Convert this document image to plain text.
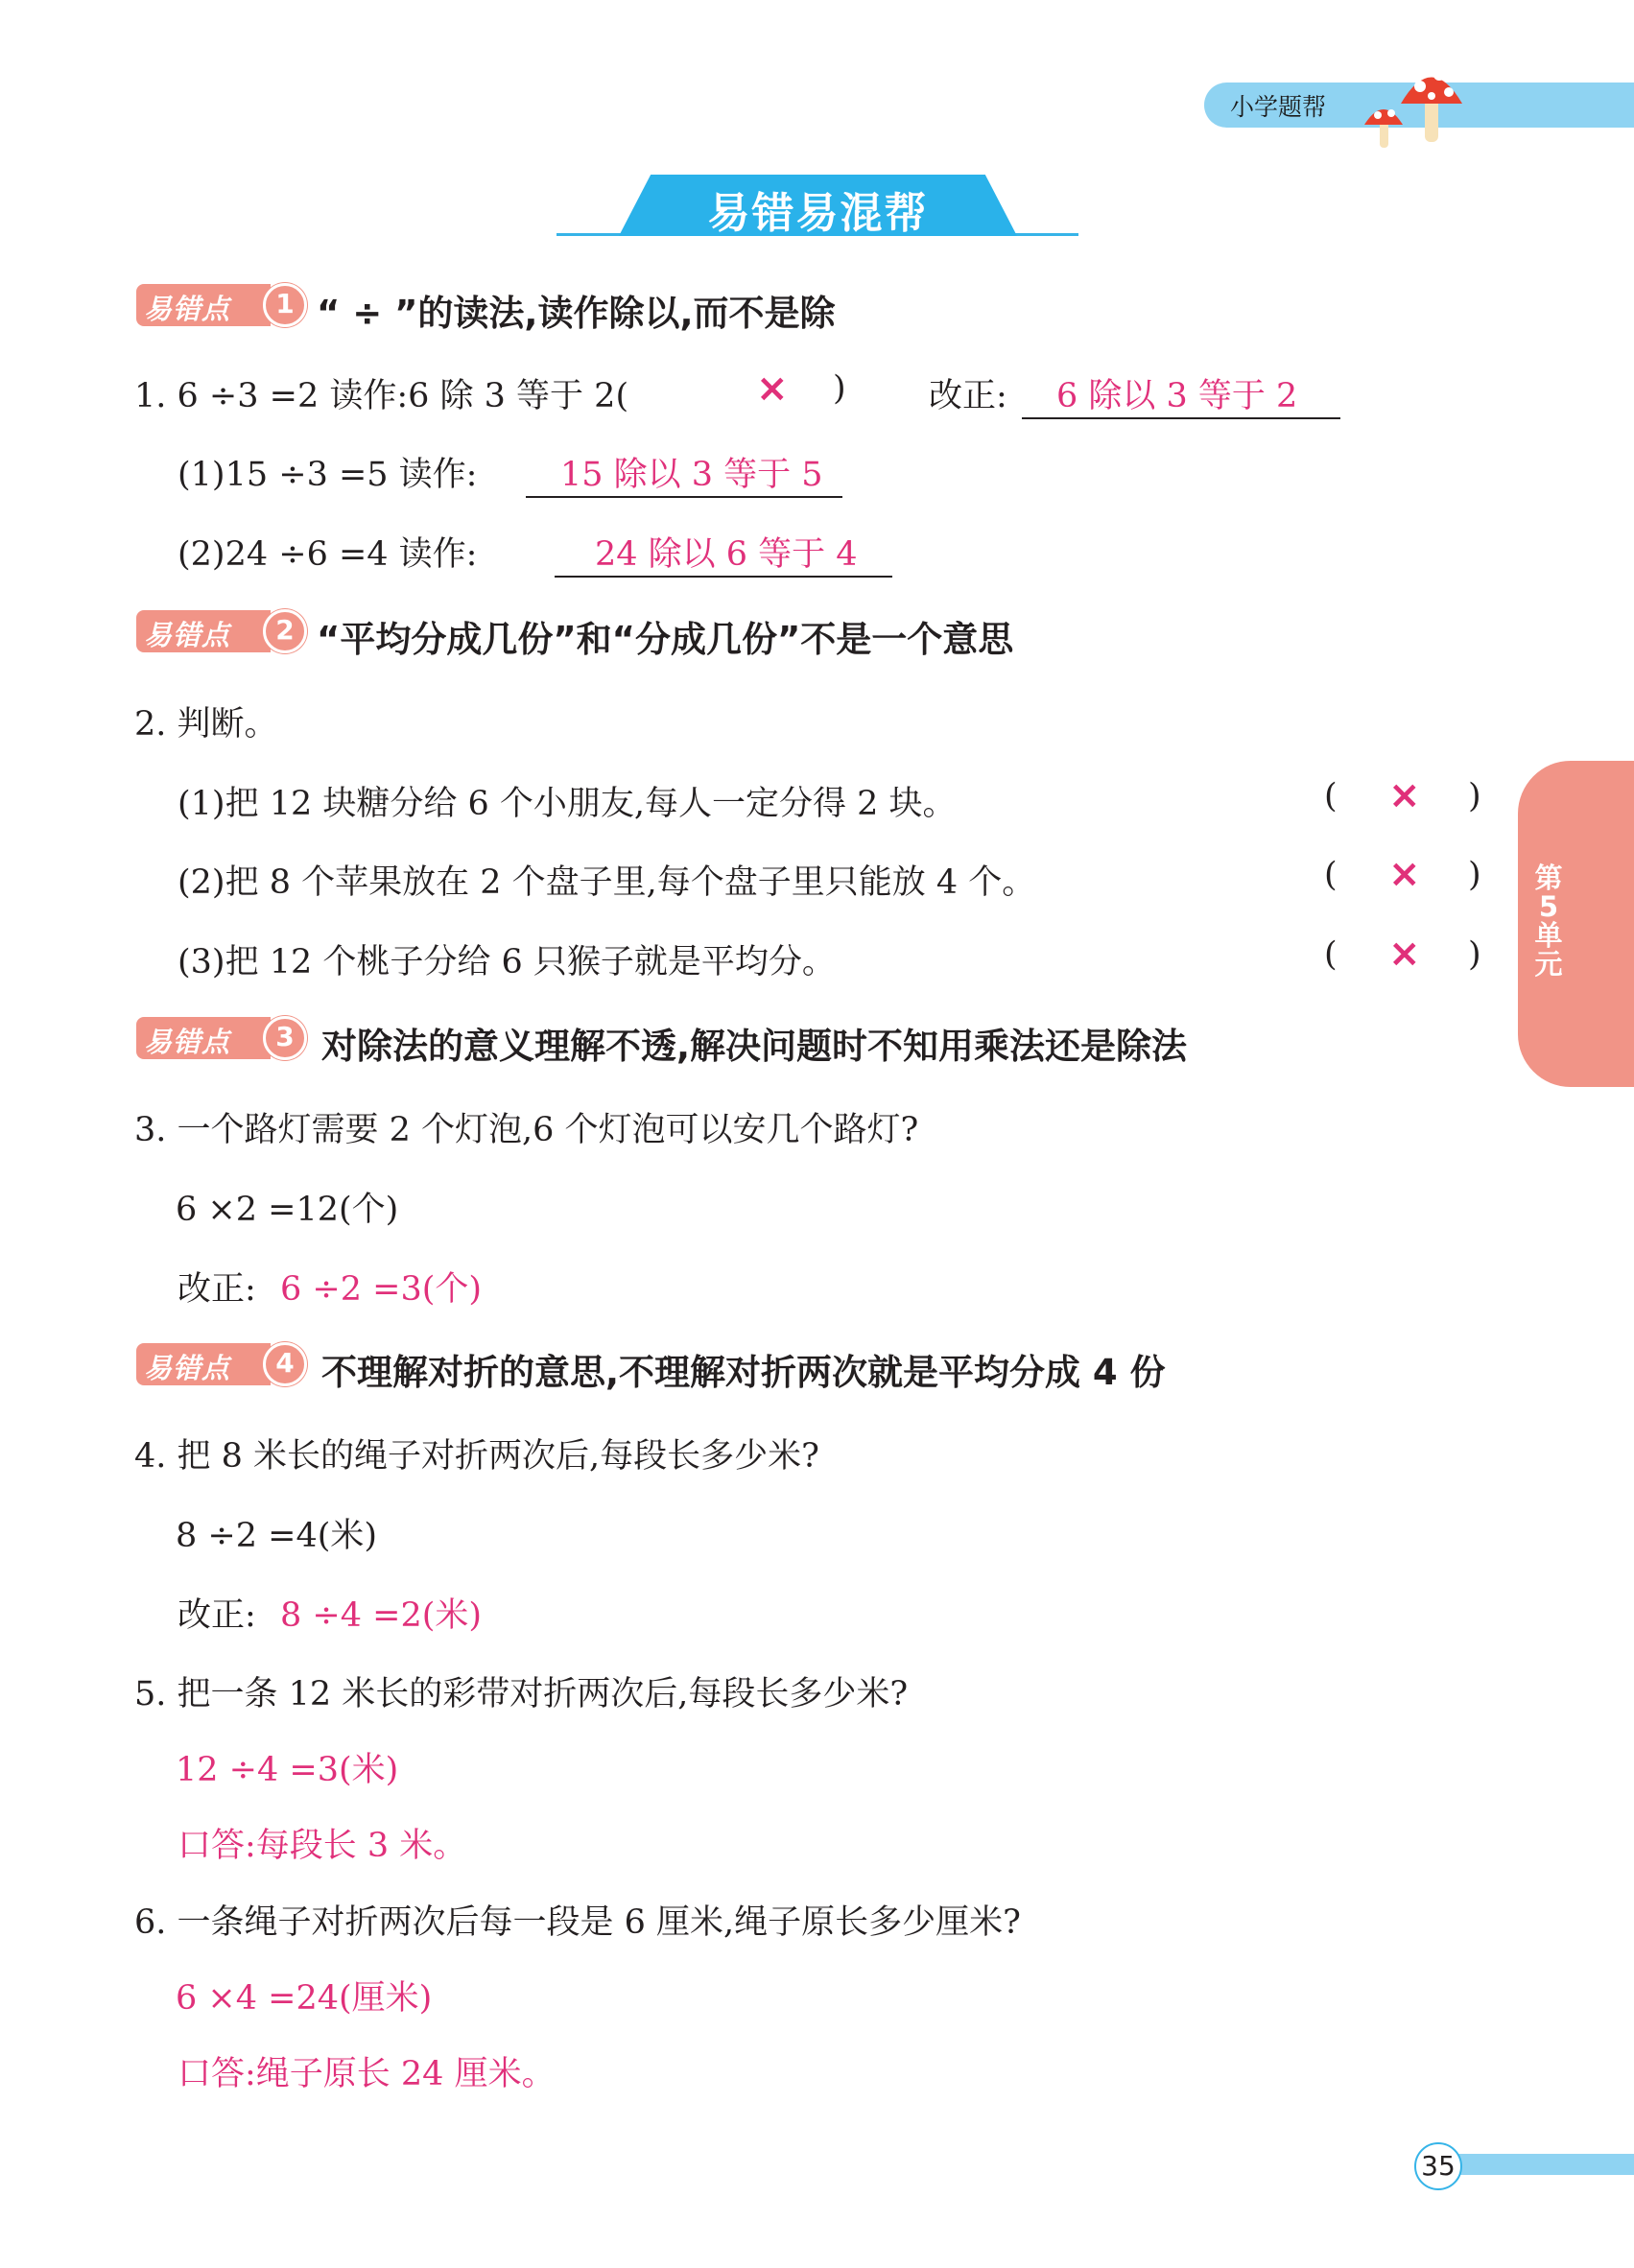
小学题帮
易错易混帮
易错点	1 “ ÷ ”的读法,读作除以,而不是除
1. 6 ÷3 =2 读作:6 除 3 等于 2(	× ) 改正:	6 除以 3 等于 2
(1)15 ÷3 =5 读作:	15 除以 3 等于 5
(2)24 ÷6 =4 读作:	24 除以 6 等于 4
易错点	2 “平均分成几份”和“分成几份”不是一个意思
2. 判断。
(1)把 12 块糖分给 6 个小朋友,每人一定分得 2 块。	( × )
(2)把 8 个苹果放在 2 个盘子里,每个盘子里只能放 4 个。	( × )
(3)把 12 个桃子分给 6 只猴子就是平均分。	( × )
易错点	3 对除法的意义理解不透,解决问题时不知用乘法还是除法
3. 一个路灯需要 2 个灯泡,6 个灯泡可以安几个路灯?
6 ×2 =12(个)
改正: 6 ÷2 =3(个)
易错点	4 不理解对折的意思,不理解对折两次就是平均分成 4 份
4. 把 8 米长的绳子对折两次后,每段长多少米?
8 ÷2 =4(米)
改正: 8 ÷4 =2(米)
5. 把一条 12 米长的彩带对折两次后,每段长多少米?
12 ÷4 =3(米)
口答:每段长 3 米。
6. 一条绳子对折两次后每一段是 6 厘米,绳子原长多少厘米?
6 ×4 =24(厘米)
口答:绳子原长 24 厘米。
第
5
单
元
35
